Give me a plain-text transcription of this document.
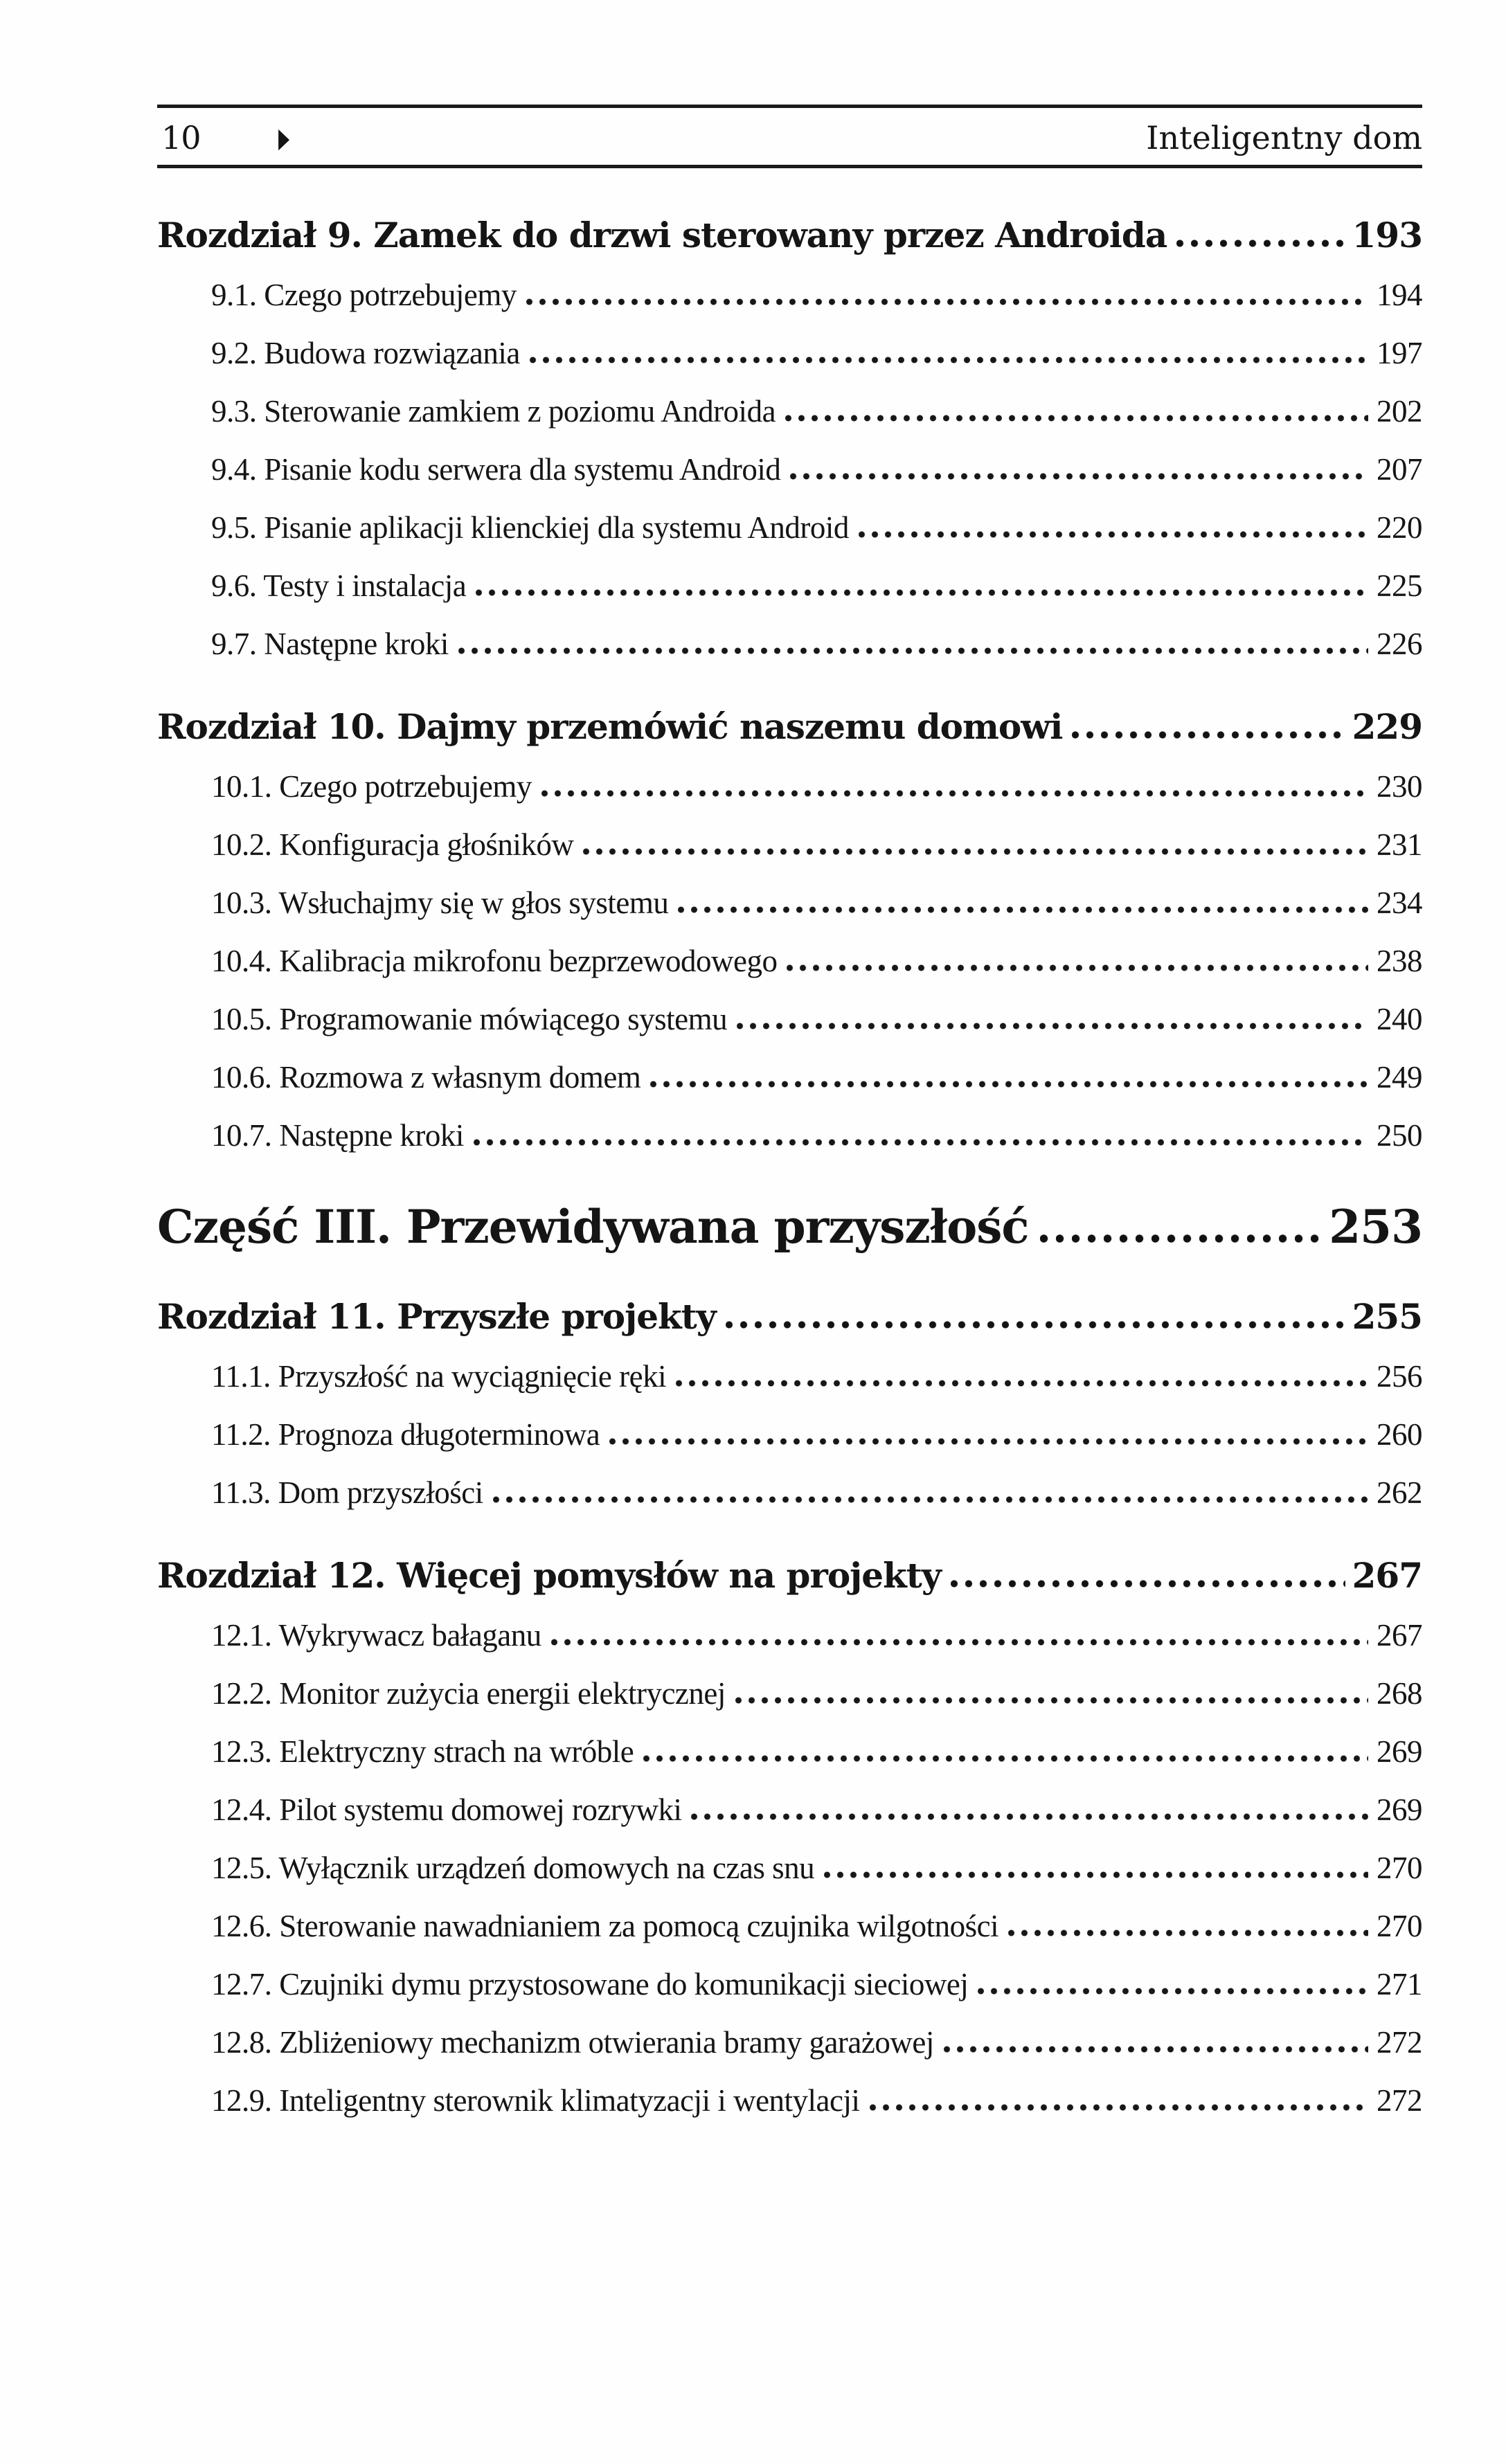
10	▶	Inteligentny dom
Rozdział 9. Zamek do drzwi sterowany przez Androida	193
9.1. Czego potrzebujemy	194
9.2. Budowa rozwiązania	197
9.3. Sterowanie zamkiem z poziomu Androida	202
9.4. Pisanie kodu serwera dla systemu Android	207
9.5. Pisanie aplikacji klienckiej dla systemu Android	220
9.6. Testy i instalacja	225
9.7. Następne kroki	226
Rozdział 10. Dajmy przemówić naszemu domowi	229
10.1. Czego potrzebujemy	230
10.2. Konfiguracja głośników	231
10.3. Wsłuchajmy się w głos systemu	234
10.4. Kalibracja mikrofonu bezprzewodowego	238
10.5. Programowanie mówiącego systemu	240
10.6. Rozmowa z własnym domem	249
10.7. Następne kroki	250
Część III. Przewidywana przyszłość	253
Rozdział 11. Przyszłe projekty	255
11.1. Przyszłość na wyciągnięcie ręki	256
11.2. Prognoza długoterminowa	260
11.3. Dom przyszłości	262
Rozdział 12. Więcej pomysłów na projekty	267
12.1. Wykrywacz bałaganu	267
12.2. Monitor zużycia energii elektrycznej	268
12.3. Elektryczny strach na wróble	269
12.4. Pilot systemu domowej rozrywki	269
12.5. Wyłącznik urządzeń domowych na czas snu	270
12.6. Sterowanie nawadnianiem za pomocą czujnika wilgotności	270
12.7. Czujniki dymu przystosowane do komunikacji sieciowej	271
12.8. Zbliżeniowy mechanizm otwierania bramy garażowej	272
12.9. Inteligentny sterownik klimatyzacji i wentylacji	272
